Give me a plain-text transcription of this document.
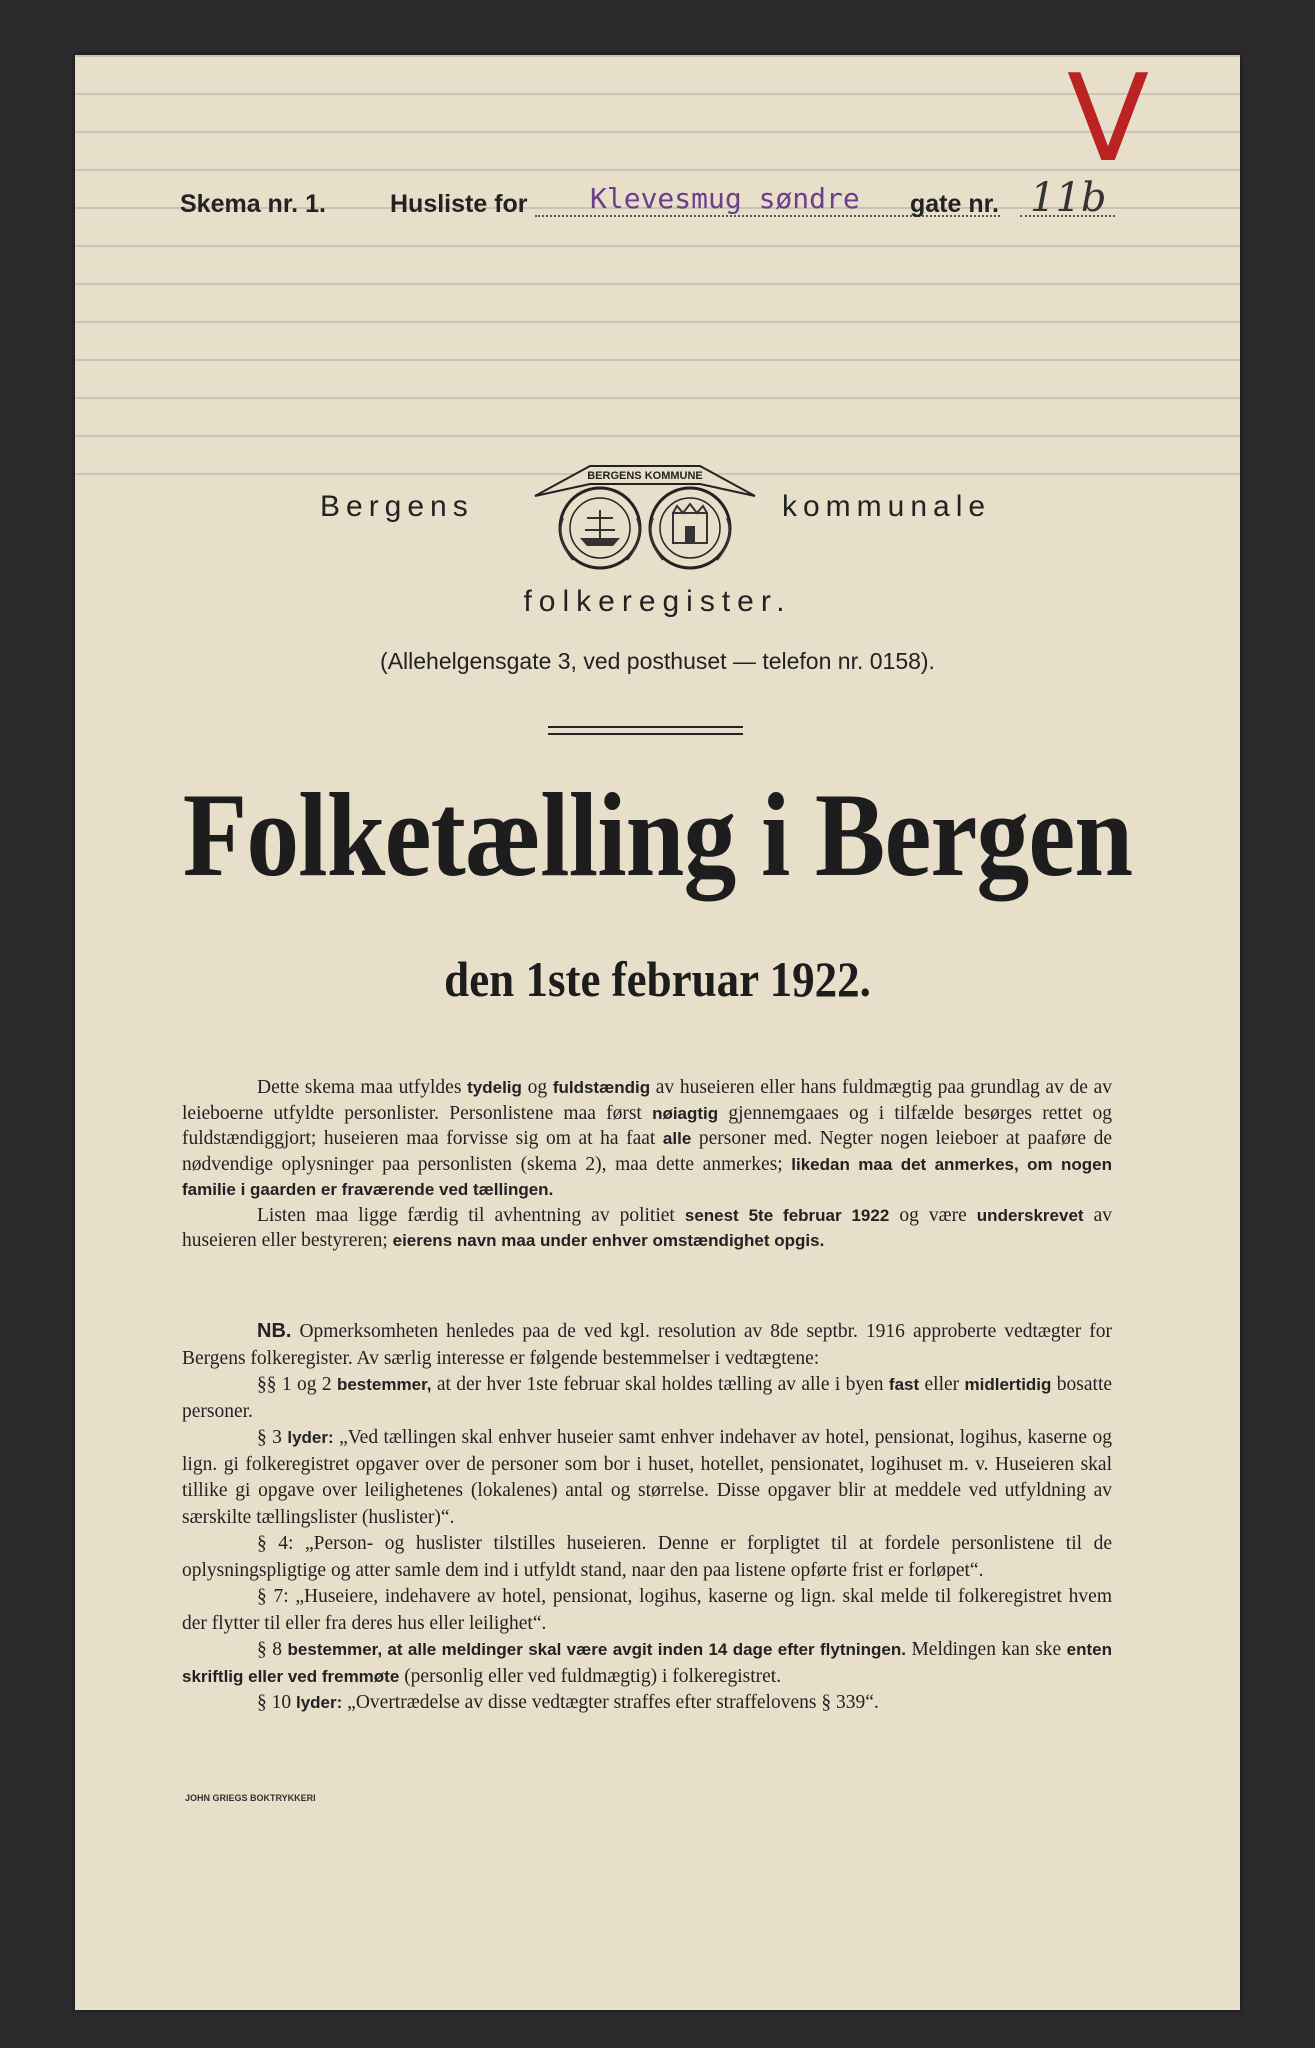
V
Skema nr. 1.	Husliste for Klevesmug søndre gate nr. 11b
Bergens
BERGENS KOMMUNE
kommunale
folkeregister.
(Allehelgensgate 3, ved posthuset — telefon nr. 0158).
Folketælling i Bergen
den 1ste februar 1922.

Dette skema maa utfyldes tydelig og fuldstændig av huseieren eller hans fuldmægtig paa grundlag av de av leieboerne utfyldte personlister. Personlistene maa først nøiagtig gjennemgaaes og i tilfælde besørges rettet og fuldstændiggjort; huseieren maa forvisse sig om at ha faat alle personer med. Negter nogen leieboer at paaføre de nødvendige oplysninger paa personlisten (skema 2), maa dette anmerkes; likedan maa det anmerkes, om nogen familie i gaarden er fraværende ved tællingen.

Listen maa ligge færdig til avhentning av politiet senest 5te februar 1922 og være underskrevet av huseieren eller bestyreren; eierens navn maa under enhver omstændighet opgis.

NB. Opmerksomheten henledes paa de ved kgl. resolution av 8de septbr. 1916 approberte vedtægter for Bergens folkeregister. Av særlig interesse er følgende bestemmelser i vedtægtene:

§§ 1 og 2 bestemmer, at der hver 1ste februar skal holdes tælling av alle i byen fast eller midlertidig bosatte personer.

§ 3 lyder: „Ved tællingen skal enhver huseier samt enhver indehaver av hotel, pensionat, logihus, kaserne og lign. gi folkeregistret opgaver over de personer som bor i huset, hotellet, pensionatet, logihuset m. v. Huseieren skal tillike gi opgave over leilighetenes (lokalenes) antal og størrelse. Disse opgaver blir at meddele ved utfyldning av særskilte tællingslister (huslister)“.

§ 4: „Person- og huslister tilstilles huseieren. Denne er forpligtet til at fordele personlistene til de oplysningspligtige og atter samle dem ind i utfyldt stand, naar den paa listene opførte frist er forløpet“.

§ 7: „Huseiere, indehavere av hotel, pensionat, logihus, kaserne og lign. skal melde til folkeregistret hvem der flytter til eller fra deres hus eller leilighet“.

§ 8 bestemmer, at alle meldinger skal være avgit inden 14 dage efter flytningen. Meldingen kan ske enten skriftlig eller ved fremmøte (personlig eller ved fuldmægtig) i folkeregistret.

§ 10 lyder: „Overtrædelse av disse vedtægter straffes efter straffelovens § 339“.

JOHN GRIEGS BOKTRYKKERI
